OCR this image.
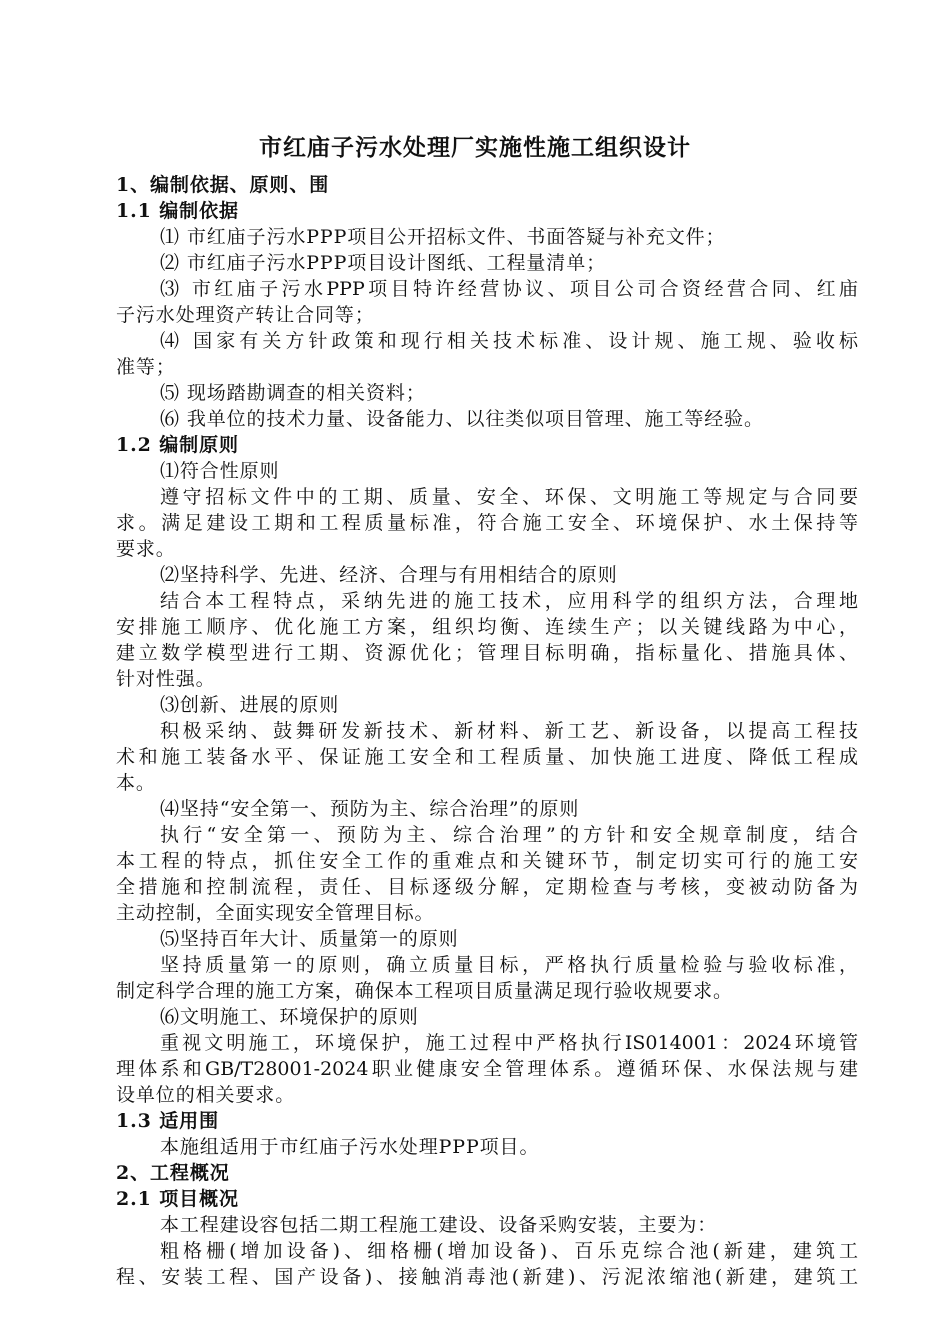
市红庙子污水处理厂实施性施工组织设计
1、编制依据、原则、围
1.1 编制依据
⑴ 市红庙子污水PPP项目公开招标文件、书面答疑与补充文件；
⑵ 市红庙子污水PPP项目设计图纸、工程量清单；
⑶ 市红庙子污水PPP项目特许经营协议、项目公司合资经营合同、红庙
子污水处理资产转让合同等；
⑷ 国家有关方针政策和现行相关技术标准、设计规、施工规、验收标
准等；
⑸ 现场踏勘调查的相关资料；
⑹ 我单位的技术力量、设备能力、以往类似项目管理、施工等经验。
1.2 编制原则
⑴符合性原则
遵守招标文件中的工期、质量、安全、环保、文明施工等规定与合同要
求。满足建设工期和工程质量标准，符合施工安全、环境保护、水土保持等
要求。
⑵坚持科学、先进、经济、合理与有用相结合的原则
结合本工程特点，采纳先进的施工技术，应用科学的组织方法，合理地
安排施工顺序、优化施工方案，组织均衡、连续生产；以关键线路为中心，
建立数学模型进行工期、资源优化；管理目标明确，指标量化、措施具体、
针对性强。
⑶创新、进展的原则
积极采纳、鼓舞研发新技术、新材料、新工艺、新设备，以提高工程技
术和施工装备水平、保证施工安全和工程质量、加快施工进度、降低工程成
本。
⑷坚持“安全第一、预防为主、综合治理”的原则
执行“安全第一、预防为主、综合治理”的方针和安全规章制度，结合
本工程的特点，抓住安全工作的重难点和关键环节，制定切实可行的施工安
全措施和控制流程，责任、目标逐级分解，定期检查与考核，变被动防备为
主动控制，全面实现安全管理目标。
⑸坚持百年大计、质量第一的原则
坚持质量第一的原则，确立质量目标，严格执行质量检验与验收标准，
制定科学合理的施工方案，确保本工程项目质量满足现行验收规要求。
⑹文明施工、环境保护的原则
重视文明施工，环境保护，施工过程中严格执行IS014001：2024环境管
理体系和GB/T28001-2024职业健康安全管理体系。遵循环保、水保法规与建
设单位的相关要求。
1.3 适用围
本施组适用于市红庙子污水处理PPP项目。
2、工程概况
2.1 项目概况
本工程建设容包括二期工程施工建设、设备采购安装，主要为：
粗格栅(增加设备)、细格栅(增加设备)、百乐克综合池(新建，建筑工
程、安装工程、国产设备)、接触消毒池(新建)、污泥浓缩池(新建，建筑工
